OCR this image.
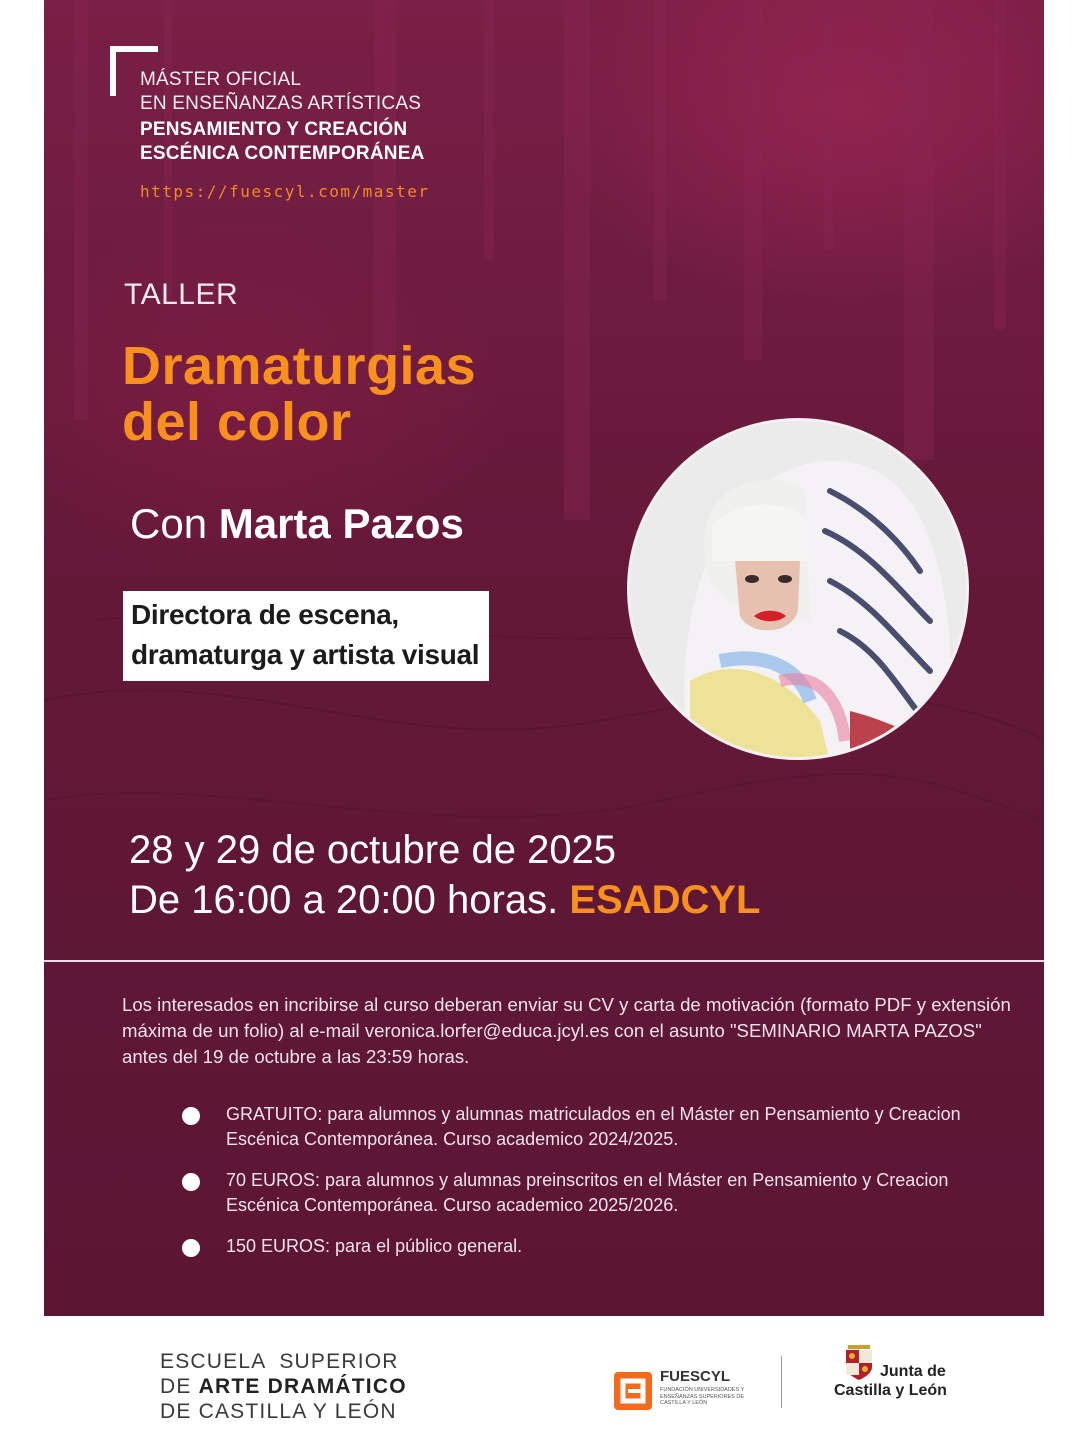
MÁSTER OFICIAL
EN ENSEÑANZAS ARTÍSTICAS
PENSAMIENTO Y CREACIÓN
ESCÉNICA CONTEMPORÁNEA
https://fuescyl.com/master
TALLER
Dramaturgias
del color
Con Marta Pazos
Directora de escena,
dramaturga y artista visual
28 y 29 de octubre de 2025
De 16:00 a 20:00 horas. ESADCYL
Los interesados en incribirse al curso deberan enviar su CV y carta de motivación (formato PDF y extensión máxima de un folio) al e-mail veronica.lorfer@educa.jcyl.es con el asunto "SEMINARIO MARTA PAZOS" antes del 19 de octubre a las 23:59 horas.
GRATUITO: para alumnos y alumnas matriculados en el Máster en Pensamiento y Creacion Escénica Contemporánea. Curso academico 2024/2025.
70 EUROS: para alumnos y alumnas preinscritos en el Máster en Pensamiento y Creacion Escénica Contemporánea. Curso academico 2025/2026.
150 EUROS: para el público general.
ESCUELA  SUPERIOR
DE ARTE DRAMÁTICO
DE CASTILLA Y LEÓN
FUESCYL
FUNDACIÓN UNIVERSIDADES Y ENSEÑANZAS SUPERIORES DE CASTILLA Y LEÓN
Junta de
Castilla y León
